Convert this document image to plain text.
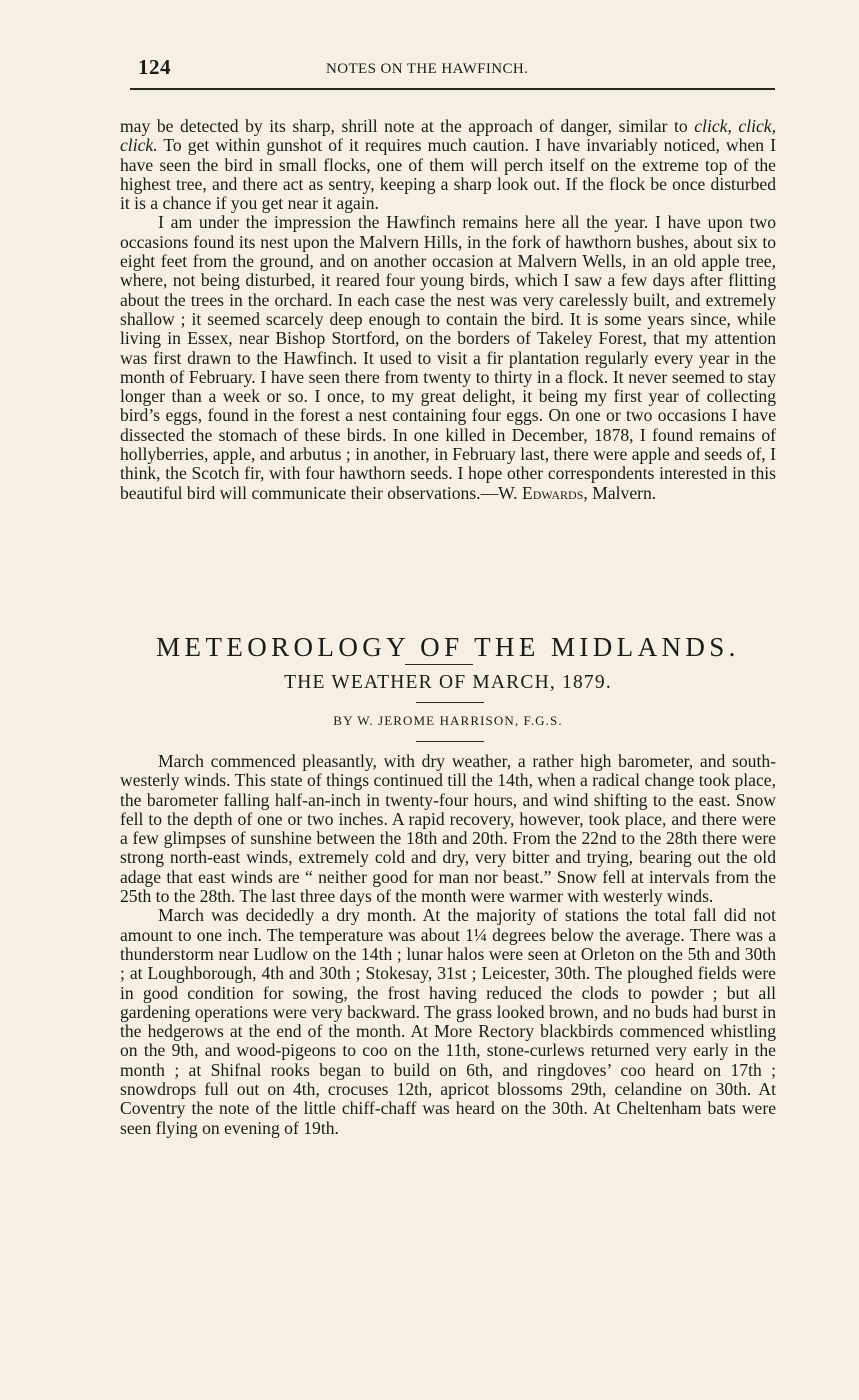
124	NOTES ON THE HAWFINCH.

may be detected by its sharp, shrill note at the approach of danger, similar to click, click, click. To get within gunshot of it requires much caution. I have invariably noticed, when I have seen the bird in small flocks, one of them will perch itself on the extreme top of the highest tree, and there act as sentry, keeping a sharp look out. If the flock be once disturbed it is a chance if you get near it again.

I am under the impression the Hawfinch remains here all the year. I have upon two occasions found its nest upon the Malvern Hills, in the fork of hawthorn bushes, about six to eight feet from the ground, and on another occasion at Malvern Wells, in an old apple tree, where, not being disturbed, it reared four young birds, which I saw a few days after flitting about the trees in the orchard. In each case the nest was very carelessly built, and extremely shallow ; it seemed scarcely deep enough to contain the bird. It is some years since, while living in Essex, near Bishop Stortford, on the borders of Takeley Forest, that my attention was first drawn to the Hawfinch. It used to visit a fir plantation regularly every year in the month of February. I have seen there from twenty to thirty in a flock. It never seemed to stay longer than a week or so. I once, to my great delight, it being my first year of collecting bird’s eggs, found in the forest a nest containing four eggs. On one or two occasions I have dissected the stomach of these birds. In one killed in December, 1878, I found remains of hollyberries, apple, and arbutus ; in another, in February last, there were apple and seeds of, I think, the Scotch fir, with four hawthorn seeds. I hope other correspondents interested in this beautiful bird will communicate their observations.—W. Edwards, Malvern.

METEOROLOGY OF THE MIDLANDS.
THE WEATHER OF MARCH, 1879.
BY W. JEROME HARRISON, F.G.S.

March commenced pleasantly, with dry weather, a rather high barometer, and south-westerly winds. This state of things continued till the 14th, when a radical change took place, the barometer falling half-an-inch in twenty-four hours, and wind shifting to the east. Snow fell to the depth of one or two inches. A rapid recovery, however, took place, and there were a few glimpses of sunshine between the 18th and 20th. From the 22nd to the 28th there were strong north-east winds, extremely cold and dry, very bitter and trying, bearing out the old adage that east winds are “ neither good for man nor beast.” Snow fell at intervals from the 25th to the 28th. The last three days of the month were warmer with westerly winds.

March was decidedly a dry month. At the majority of stations the total fall did not amount to one inch. The temperature was about 1¼ degrees below the average. There was a thunderstorm near Ludlow on the 14th ; lunar halos were seen at Orleton on the 5th and 30th ; at Loughborough, 4th and 30th ; Stokesay, 31st ; Leicester, 30th. The ploughed fields were in good condition for sowing, the frost having reduced the clods to powder ; but all gardening operations were very backward. The grass looked brown, and no buds had burst in the hedgerows at the end of the month. At More Rectory blackbirds commenced whistling on the 9th, and wood-pigeons to coo on the 11th, stone-curlews returned very early in the month ; at Shifnal rooks began to build on 6th, and ringdoves’ coo heard on 17th ; snowdrops full out on 4th, crocuses 12th, apricot blossoms 29th, celandine on 30th. At Coventry the note of the little chiff-chaff was heard on the 30th. At Cheltenham bats were seen flying on evening of 19th.
